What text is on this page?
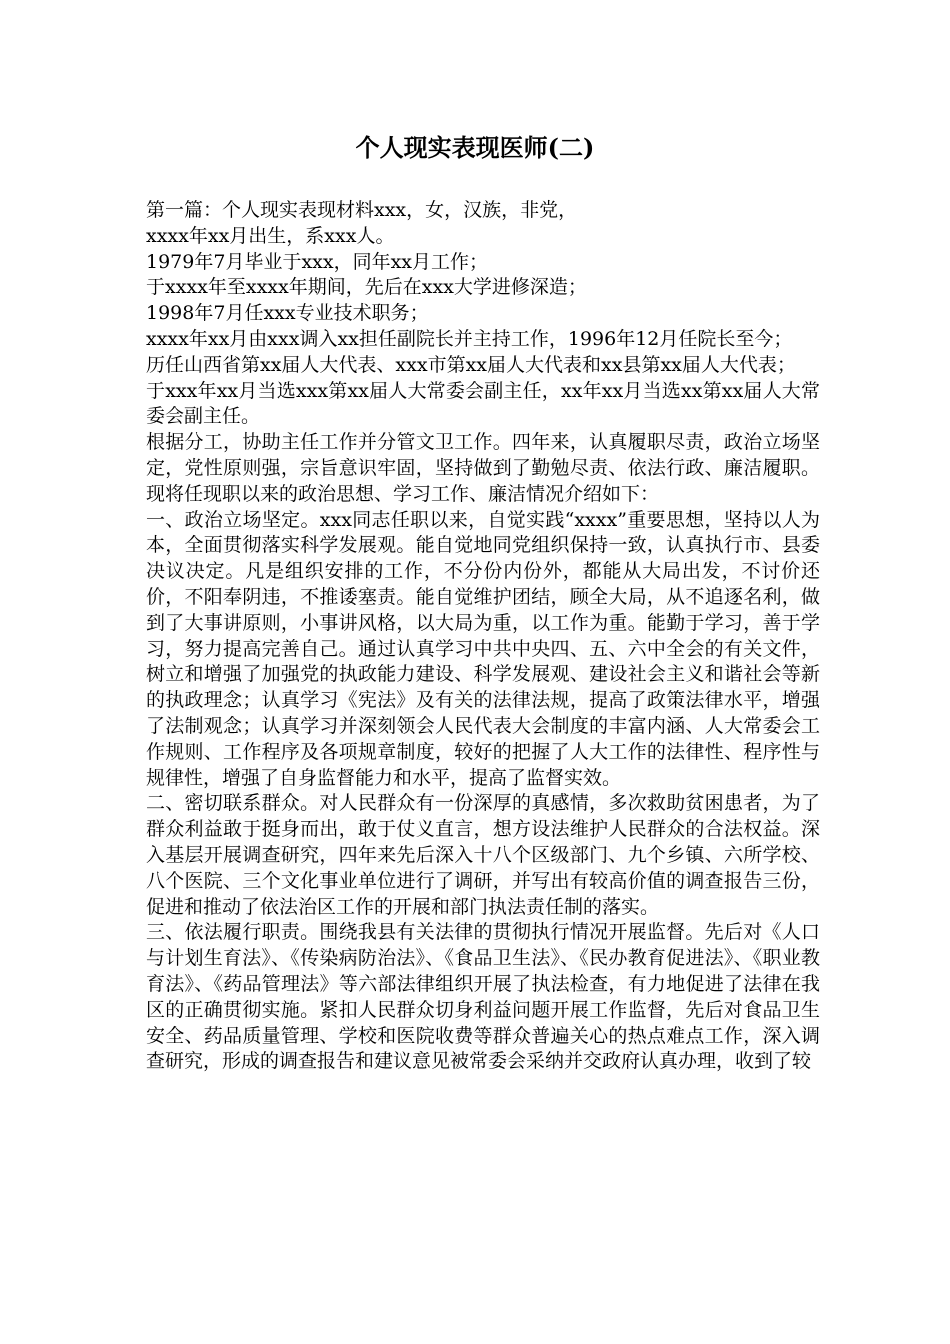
个人现实表现医师(二)

第一篇：个人现实表现材料xxx，女，汉族，非党，

xxxx年xx月出生，系xxx人。

1979年7月毕业于xxx，同年xx月工作；

于xxxx年至xxxx年期间，先后在xxx大学进修深造；

1998年7月任xxx专业技术职务；

xxxx年xx月由xxx调入xx担任副院长并主持工作，1996年12月任院长至今；

历任山西省第xx届人大代表、xxx市第xx届人大代表和xx县第xx届人大代表；

于xxx年xx月当选xxx第xx届人大常委会副主任，xx年xx月当选xx第xx届人大常委会副主任。

根据分工，协助主任工作并分管文卫工作。四年来，认真履职尽责，政治立场坚定，党性原则强，宗旨意识牢固，坚持做到了勤勉尽责、依法行政、廉洁履职。现将任现职以来的政治思想、学习工作、廉洁情况介绍如下：

一、政治立场坚定。xxx同志任职以来，自觉实践“xxxx”重要思想，坚持以人为本，全面贯彻落实科学发展观。能自觉地同党组织保持一致，认真执行市、县委决议决定。凡是组织安排的工作，不分份内份外，都能从大局出发，不讨价还价，不阳奉阴违，不推诿塞责。能自觉维护团结，顾全大局，从不追逐名利，做到了大事讲原则，小事讲风格，以大局为重，以工作为重。能勤于学习，善于学习，努力提高完善自己。通过认真学习中共中央四、五、六中全会的有关文件，树立和增强了加强党的执政能力建设、科学发展观、建设社会主义和谐社会等新的执政理念；认真学习《宪法》及有关的法律法规，提高了政策法律水平，增强了法制观念；认真学习并深刻领会人民代表大会制度的丰富内涵、人大常委会工作规则、工作程序及各项规章制度，较好的把握了人大工作的法律性、程序性与规律性，增强了自身监督能力和水平，提高了监督实效。

二、密切联系群众。对人民群众有一份深厚的真感情，多次救助贫困患者，为了群众利益敢于挺身而出，敢于仗义直言，想方设法维护人民群众的合法权益。深入基层开展调查研究，四年来先后深入十八个区级部门、九个乡镇、六所学校、八个医院、三个文化事业单位进行了调研，并写出有较高价值的调查报告三份，促进和推动了依法治区工作的开展和部门执法责任制的落实。

三、依法履行职责。围绕我县有关法律的贯彻执行情况开展监督。先后对《人口与计划生育法》、《传染病防治法》、《食品卫生法》、《民办教育促进法》、《职业教育法》、《药品管理法》等六部法律组织开展了执法检查，有力地促进了法律在我区的正确贯彻实施。紧扣人民群众切身利益问题开展工作监督，先后对食品卫生安全、药品质量管理、学校和医院收费等群众普遍关心的热点难点工作，深入调查研究，形成的调查报告和建议意见被常委会采纳并交政府认真办理，收到了较
